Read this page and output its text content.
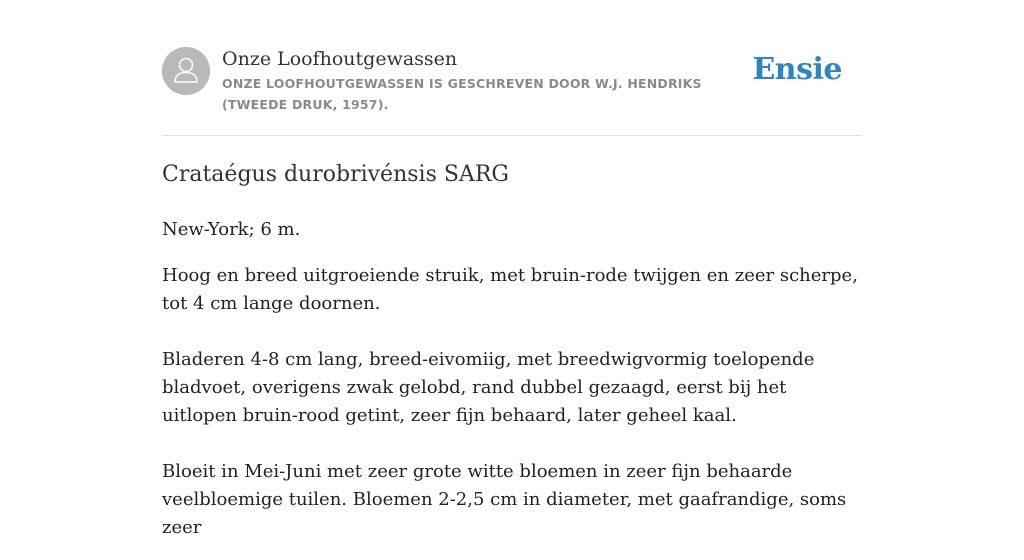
Onze Loofhoutgewassen
ONZE LOOFHOUTGEWASSEN IS GESCHREVEN DOOR W.J. HENDRIKS (TWEEDE DRUK, 1957).
Ensie
Crataégus durobrivénsis SARG

New-York; 6 m.

Hoog en breed uitgroeiende struik, met bruin-rode twijgen en zeer scherpe, tot 4 cm lange doornen.

Bladeren 4-8 cm lang, breed-eivomiig, met breedwigvormig toelopende bladvoet, overigens zwak gelobd, rand dubbel gezaagd, eerst bij het uitlopen bruin-rood getint, zeer fijn behaard, later geheel kaal.

Bloeit in Mei-Juni met zeer grote witte bloemen in zeer fijn behaarde veelbloemige tuilen. Bloemen 2-2,5 cm in diameter, met gaafrandige, soms zeer
